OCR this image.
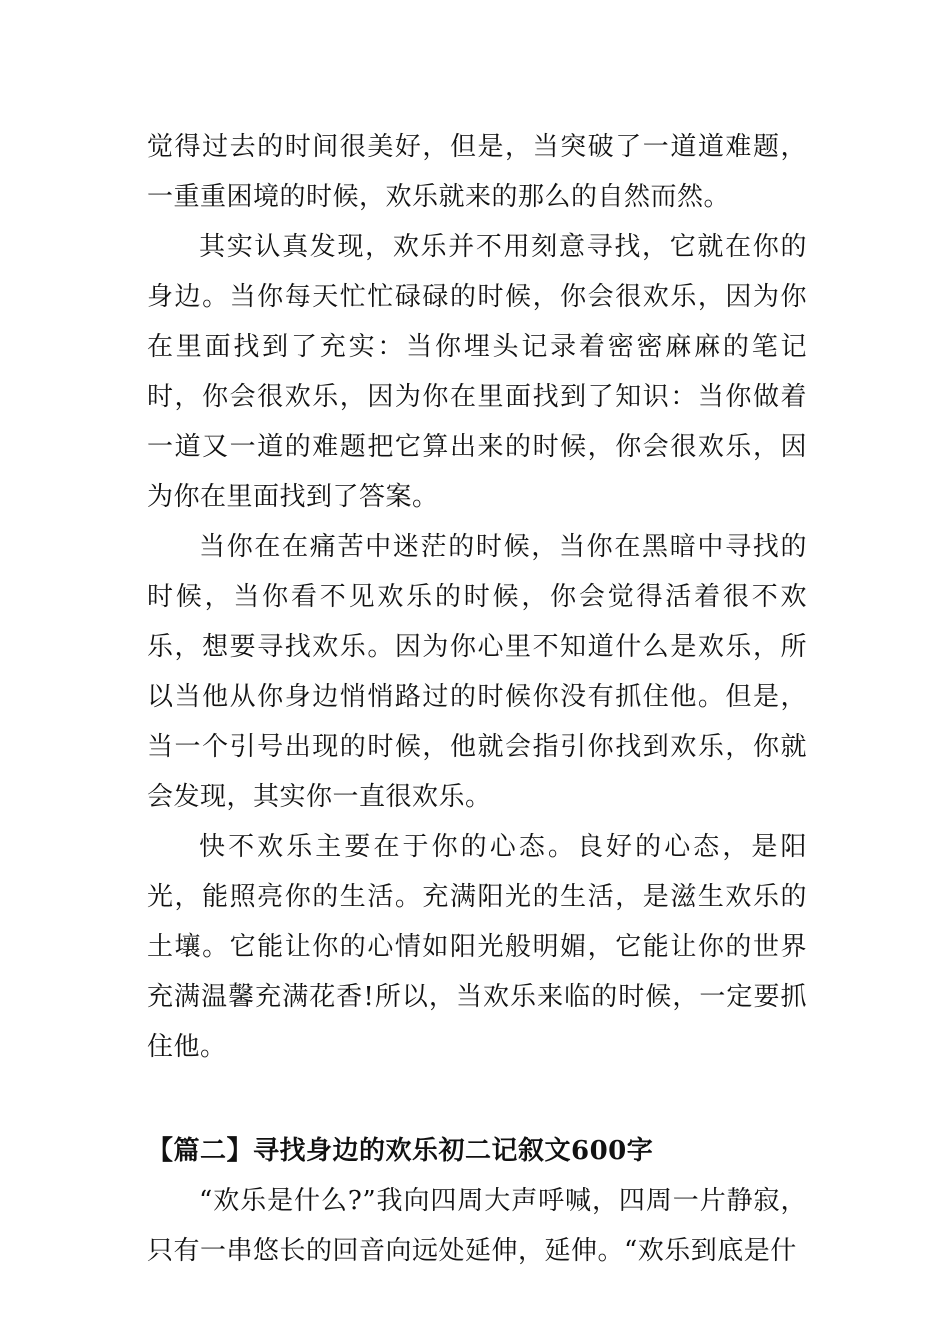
觉得过去的时间很美好，但是，当突破了一道道难题，一重重困境的时候，欢乐就来的那么的自然而然。

其实认真发现，欢乐并不用刻意寻找，它就在你的身边。当你每天忙忙碌碌的时候，你会很欢乐，因为你在里面找到了充实：当你埋头记录着密密麻麻的笔记时，你会很欢乐，因为你在里面找到了知识：当你做着一道又一道的难题把它算出来的时候，你会很欢乐，因为你在里面找到了答案。

当你在在痛苦中迷茫的时候，当你在黑暗中寻找的时候，当你看不见欢乐的时候，你会觉得活着很不欢乐，想要寻找欢乐。因为你心里不知道什么是欢乐，所以当他从你身边悄悄路过的时候你没有抓住他。但是，当一个引号出现的时候，他就会指引你找到欢乐，你就会发现，其实你一直很欢乐。

快不欢乐主要在于你的心态。良好的心态，是阳光，能照亮你的生活。充满阳光的生活，是滋生欢乐的土壤。它能让你的心情如阳光般明媚，它能让你的世界充满温馨充满花香!所以，当欢乐来临的时候，一定要抓住他。

【篇二】寻找身边的欢乐初二记叙文600字

“欢乐是什么?”我向四周大声呼喊，四周一片静寂，只有一串悠长的回音向远处延伸，延伸。“欢乐到底是什
